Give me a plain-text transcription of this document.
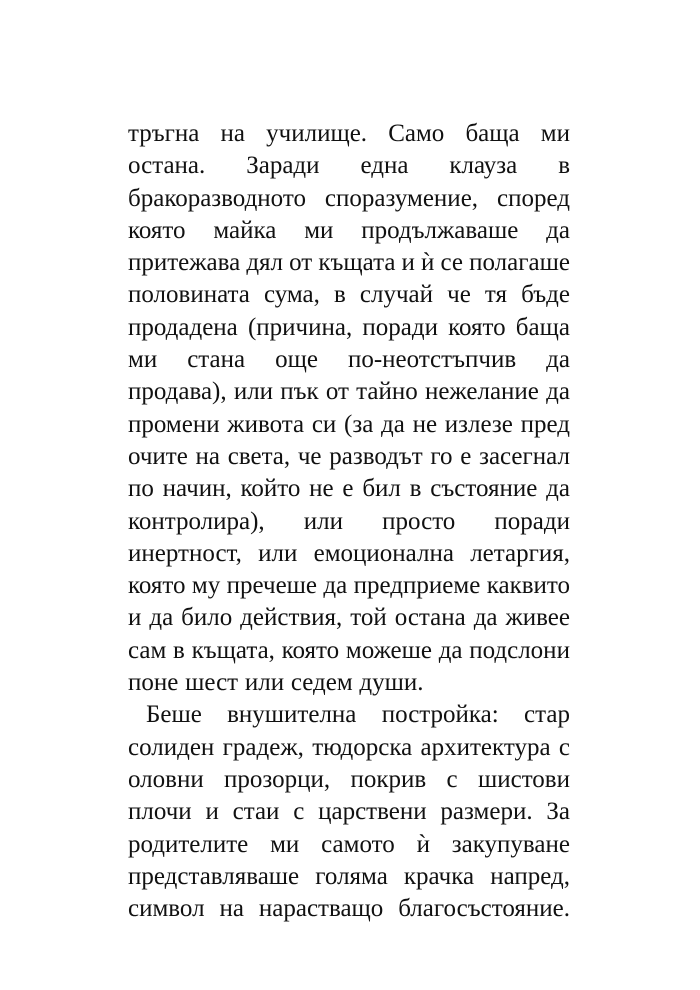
тръгна на училище. Само баща ми
остана. Заради една клауза в
бракоразводното споразумение, според
която майка ми продължаваше да
притежава дял от къщата и ѝ се полагаше
половината сума, в случай че тя бъде
продадена (причина, поради която баща
ми стана още по-неотстъпчив да
продава), или пък от тайно нежелание да
промени живота си (за да не излезе пред
очите на света, че разводът го е засегнал
по начин, който не е бил в състояние да
контролира), или просто поради
инертност, или емоционална летаргия,
която му пречеше да предприеме каквито
и да било действия, той остана да живее
сам в къщата, която можеше да подслони
поне шест или седем души.
Беше внушителна постройка: стар
солиден градеж, тюдорска архитектура с
оловни прозорци, покрив с шистови
плочи и стаи с царствени размери. За
родителите ми самото ѝ закупуване
представляваше голяма крачка напред,
символ на нарастващо благосъстояние.
